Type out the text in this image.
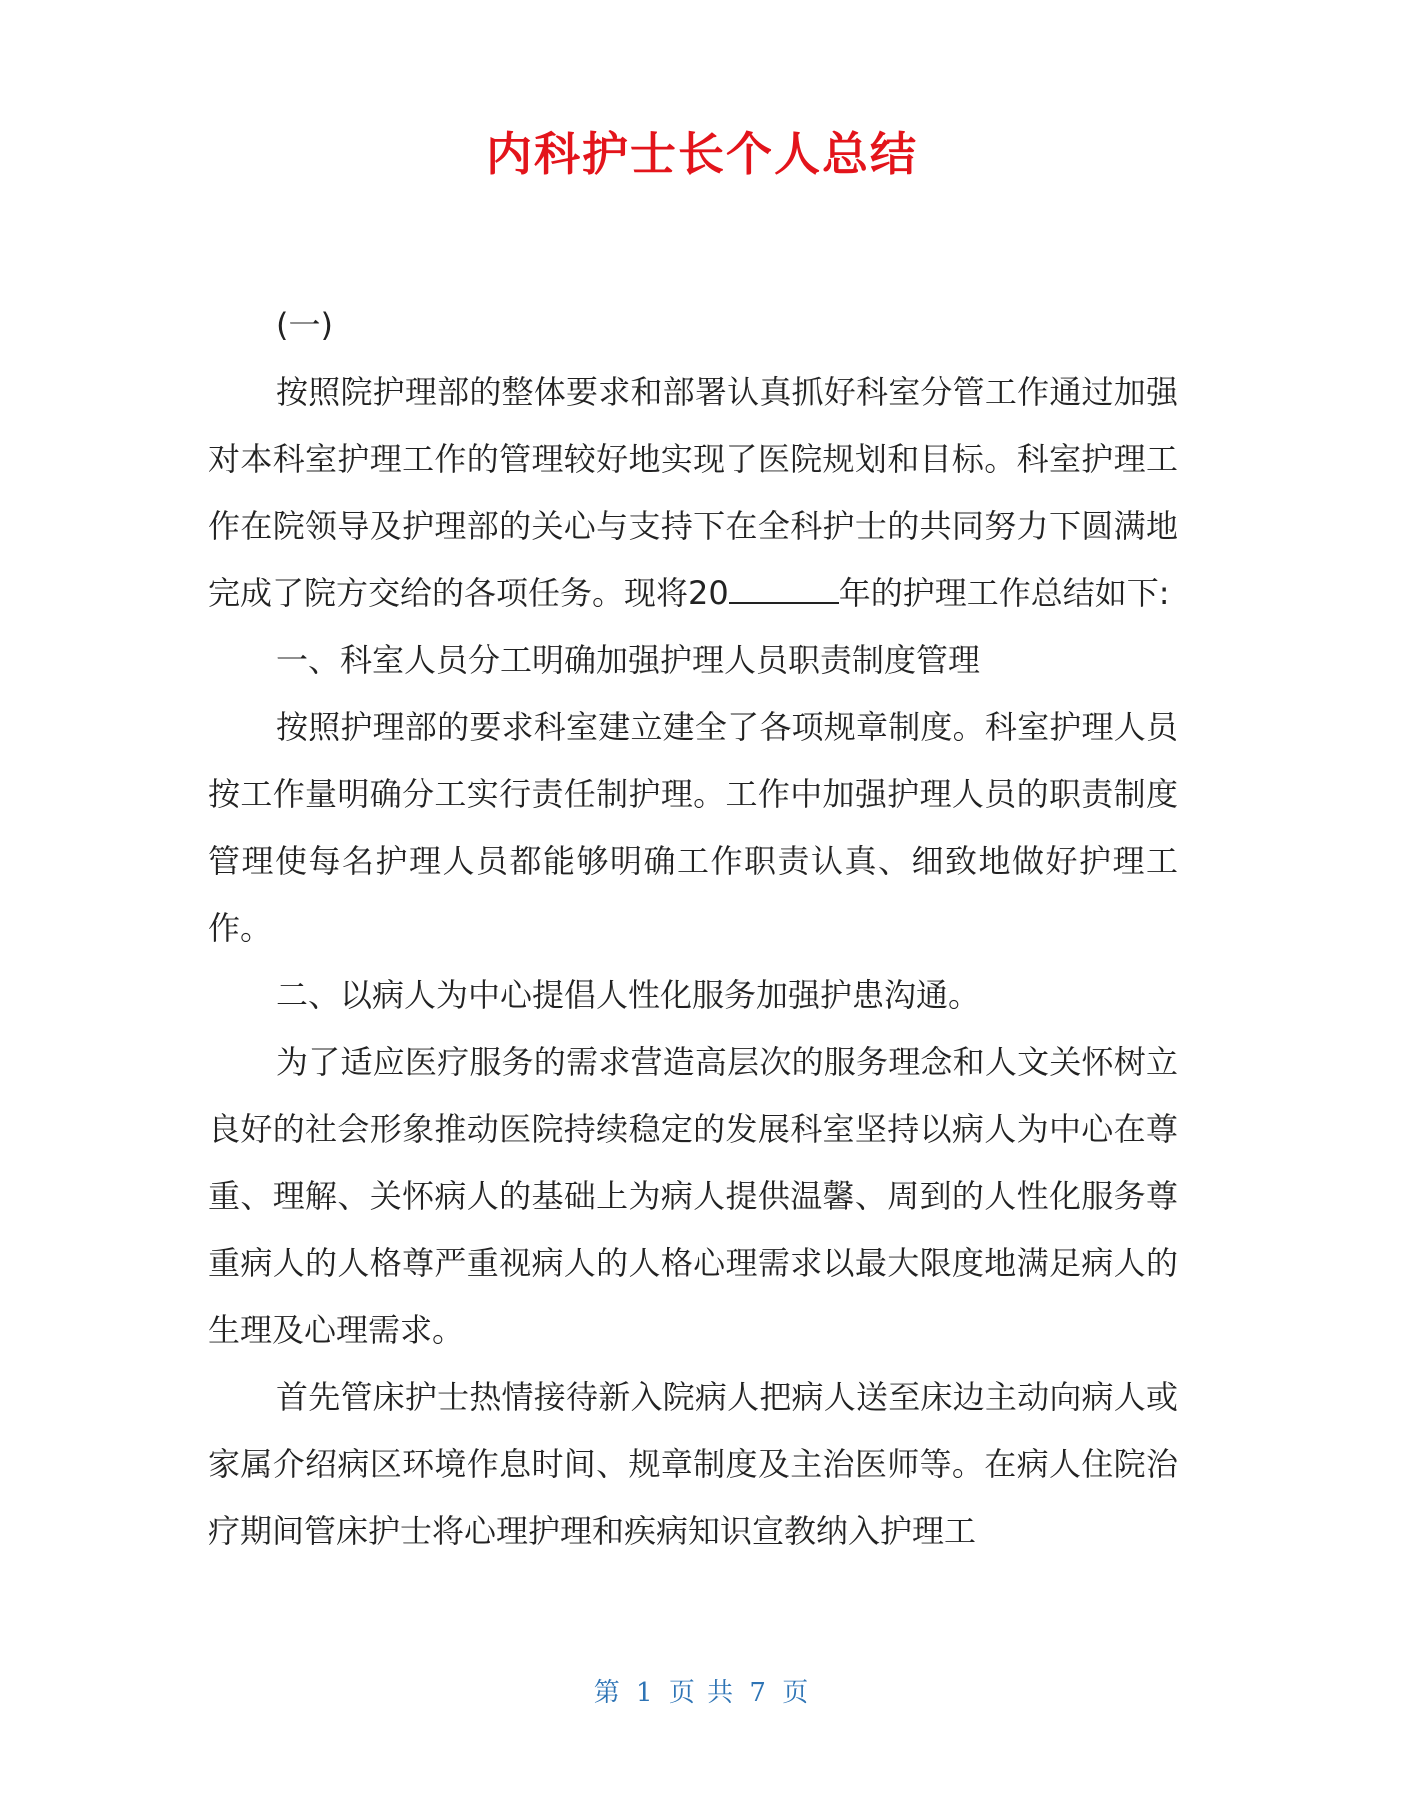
内科护士长个人总结

(一)

按照院护理部的整体要求和部署认真抓好科室分管工作通过加强对本科室护理工作的管理较好地实现了医院规划和目标。科室护理工作在院领导及护理部的关心与支持下在全科护士的共同努力下圆满地完成了院方交给的各项任务。现将20	年的护理工作总结如下:

一、科室人员分工明确加强护理人员职责制度管理

按照护理部的要求科室建立建全了各项规章制度。科室护理人员按工作量明确分工实行责任制护理。工作中加强护理人员的职责制度管理使每名护理人员都能够明确工作职责认真、细致地做好护理工作。

二、以病人为中心提倡人性化服务加强护患沟通。

为了适应医疗服务的需求营造高层次的服务理念和人文关怀树立良好的社会形象推动医院持续稳定的发展科室坚持以病人为中心在尊重、理解、关怀病人的基础上为病人提供温馨、周到的人性化服务尊重病人的人格尊严重视病人的人格心理需求以最大限度地满足病人的生理及心理需求。

首先管床护士热情接待新入院病人把病人送至床边主动向病人或家属介绍病区环境作息时间、规章制度及主治医师等。在病人住院治疗期间管床护士将心理护理和疾病知识宣教纳入护理工

第 1 页 共 7 页
